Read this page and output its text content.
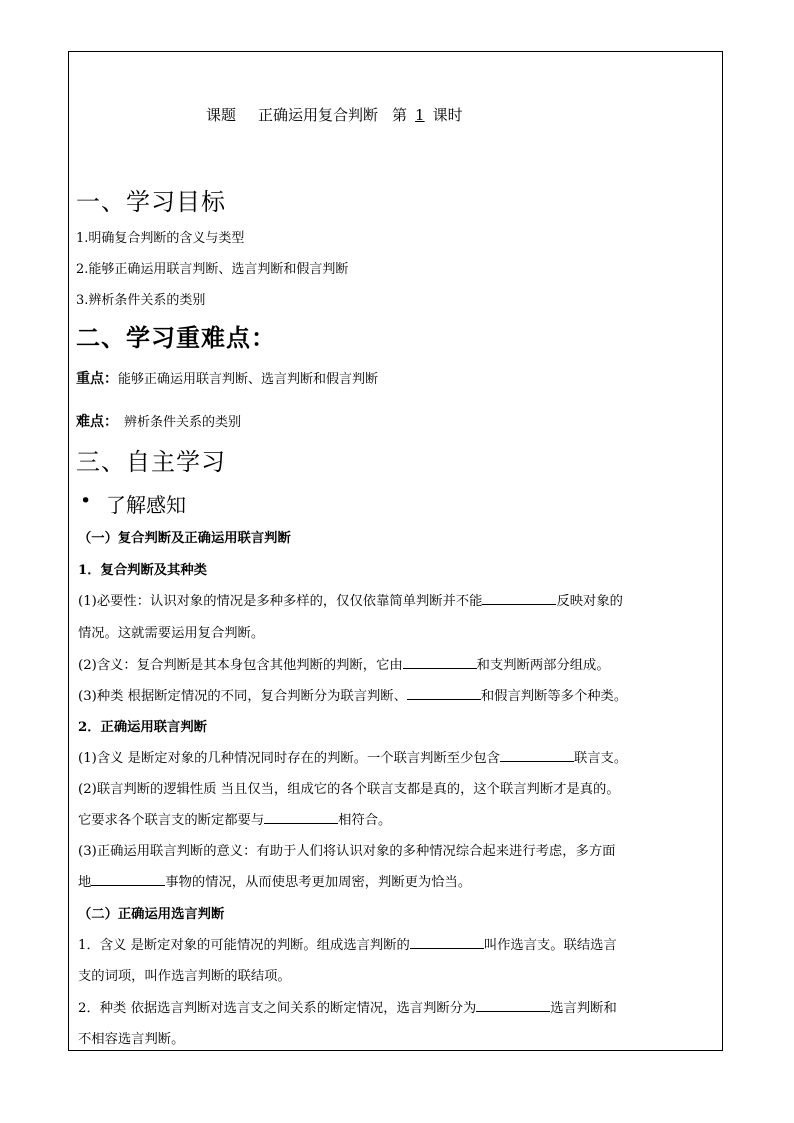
课题 正确运用复合判断 第 1 课时
一、学习目标
1.明确复合判断的含义与类型
2.能够正确运用联言判断、选言判断和假言判断
3.辨析条件关系的类别
二、学习重难点：
重点：能够正确运用联言判断、选言判断和假言判断
难点： 辨析条件关系的类别
三、自主学习
• 了解感知
（一）复合判断及正确运用联言判断
1．复合判断及其种类
(1)必要性：认识对象的情况是多种多样的，仅仅依靠简单判断并不能	反映对象的
情况。这就需要运用复合判断。
(2)含义：复合判断是其本身包含其他判断的判断，它由	和支判断两部分组成。
(3)种类 根据断定情况的不同，复合判断分为联言判断、	和假言判断等多个种类。
2．正确运用联言判断
(1)含义 是断定对象的几种情况同时存在的判断。一个联言判断至少包含	联言支。
(2)联言判断的逻辑性质 当且仅当，组成它的各个联言支都是真的，这个联言判断才是真的。
它要求各个联言支的断定都要与	相符合。
(3)正确运用联言判断的意义：有助于人们将认识对象的多种情况综合起来进行考虑，多方面
地	事物的情况，从而使思考更加周密，判断更为恰当。
（二）正确运用选言判断
1．含义 是断定对象的可能情况的判断。组成选言判断的	叫作选言支。联结选言
支的词项，叫作选言判断的联结项。
2．种类 依据选言判断对选言支之间关系的断定情况，选言判断分为	选言判断和
不相容选言判断。
